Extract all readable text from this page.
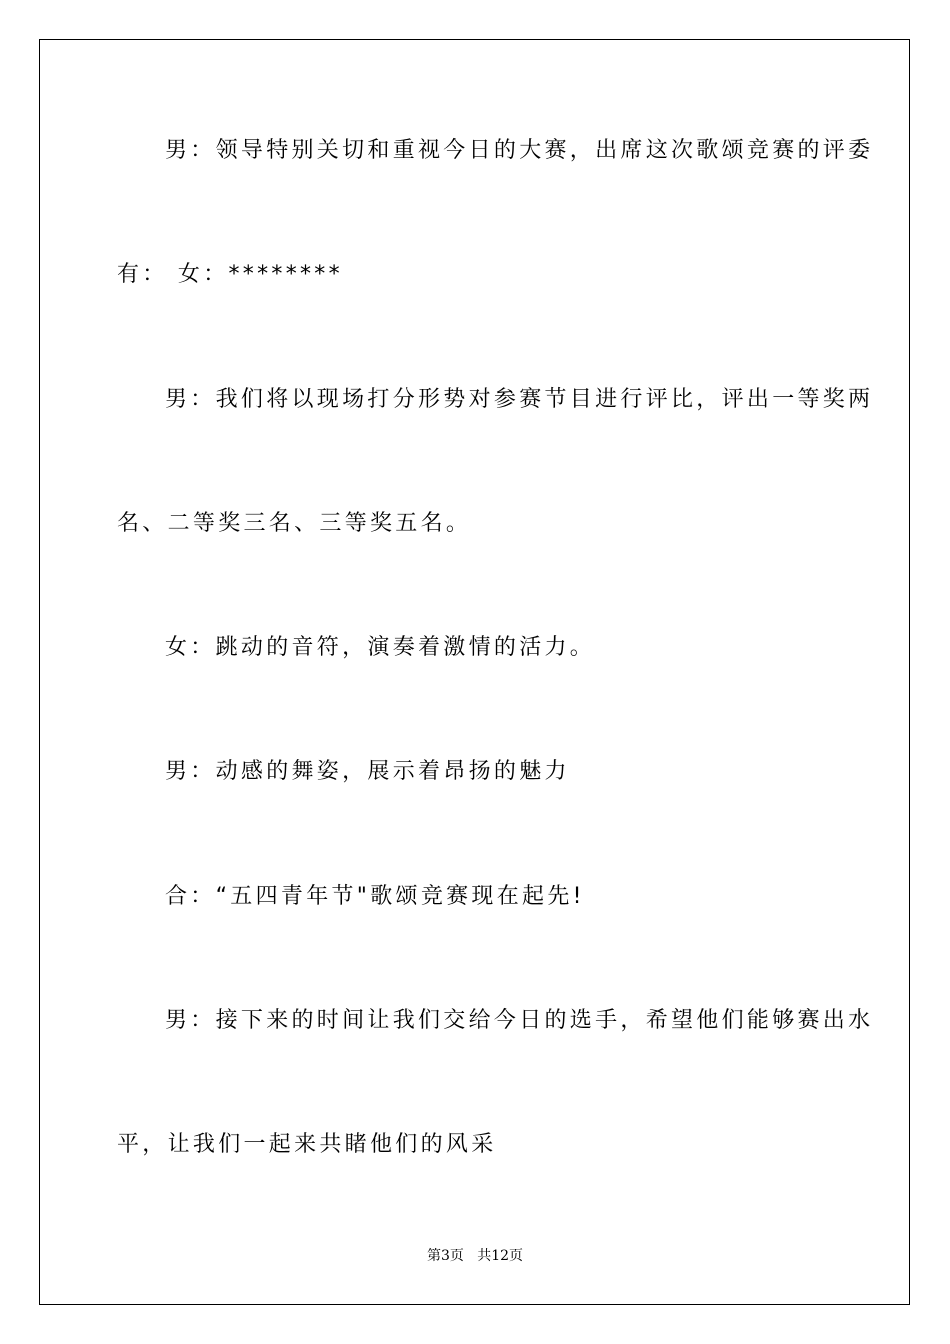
男：领导特别关切和重视今日的大赛，出席这次歌颂竞赛的评委
有： 女：********
男：我们将以现场打分形势对参赛节目进行评比，评出一等奖两
名、二等奖三名、三等奖五名。
女：跳动的音符，演奏着激情的活力。
男：动感的舞姿，展示着昂扬的魅力
合：“五四青年节"歌颂竞赛现在起先!
男：接下来的时间让我们交给今日的选手，希望他们能够赛出水
平，让我们一起来共睹他们的风采
第3页   共12页
